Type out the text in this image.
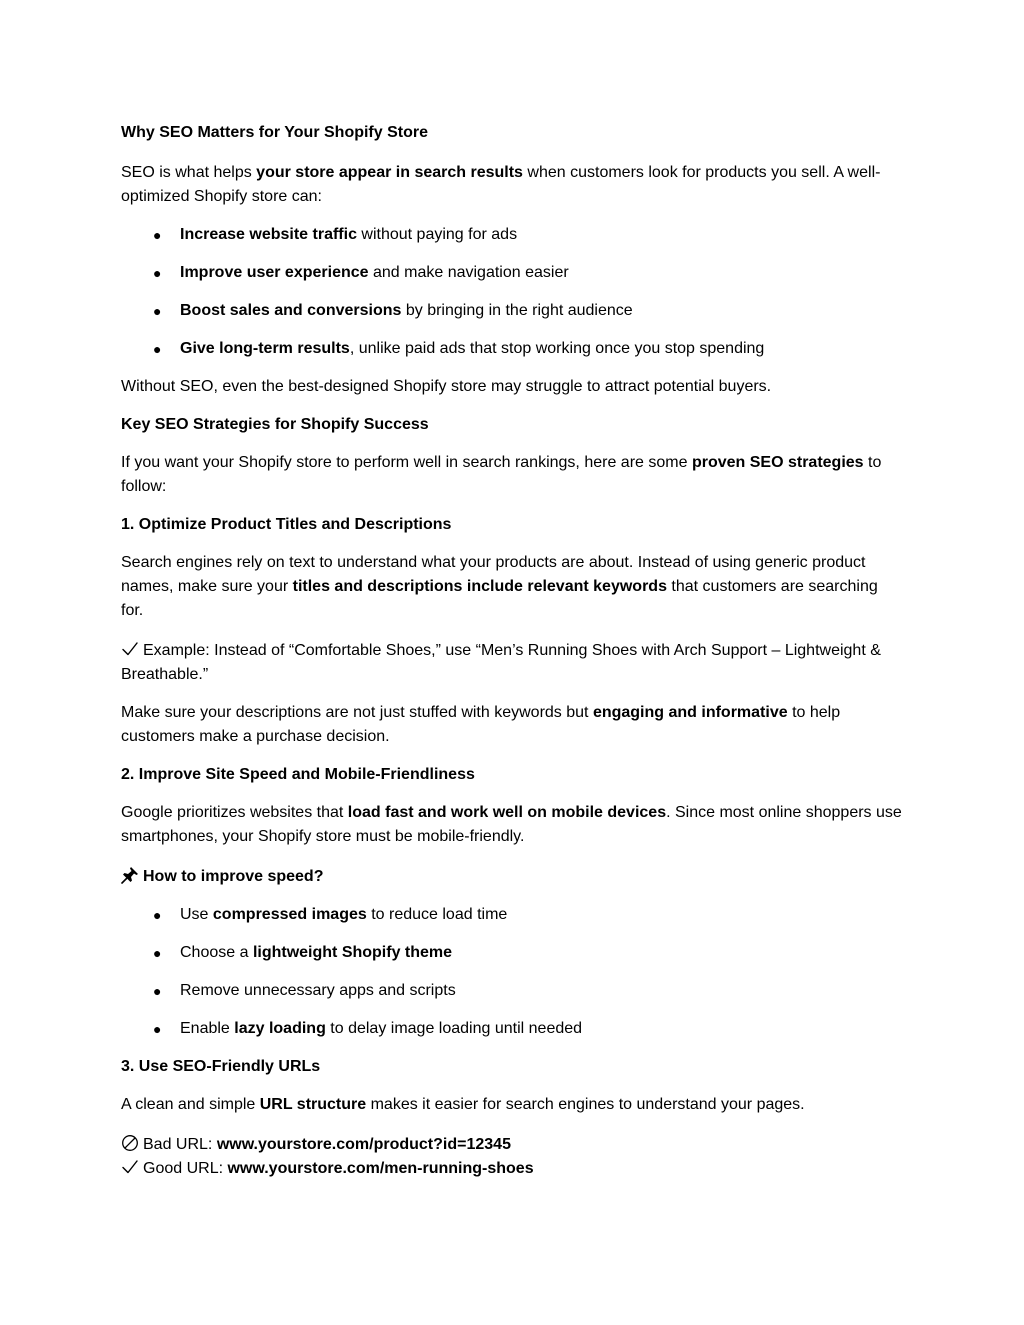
Why SEO Matters for Your Shopify Store

SEO is what helps your store appear in search results when customers look for products you sell. A well-optimized Shopify store can:

● Increase website traffic without paying for ads
● Improve user experience and make navigation easier
● Boost sales and conversions by bringing in the right audience
● Give long-term results, unlike paid ads that stop working once you stop spending

Without SEO, even the best-designed Shopify store may struggle to attract potential buyers.

Key SEO Strategies for Shopify Success

If you want your Shopify store to perform well in search rankings, here are some proven SEO strategies to follow:

1. Optimize Product Titles and Descriptions

Search engines rely on text to understand what your products are about. Instead of using generic product names, make sure your titles and descriptions include relevant keywords that customers are searching for.

Example: Instead of “Comfortable Shoes,” use “Men’s Running Shoes with Arch Support – Lightweight & Breathable.”

Make sure your descriptions are not just stuffed with keywords but engaging and informative to help customers make a purchase decision.

2. Improve Site Speed and Mobile-Friendliness

Google prioritizes websites that load fast and work well on mobile devices. Since most online shoppers use smartphones, your Shopify store must be mobile-friendly.

How to improve speed?

● Use compressed images to reduce load time
● Choose a lightweight Shopify theme
● Remove unnecessary apps and scripts
● Enable lazy loading to delay image loading until needed

3. Use SEO-Friendly URLs

A clean and simple URL structure makes it easier for search engines to understand your pages.

Bad URL: www.yourstore.com/product?id=12345

Good URL: www.yourstore.com/men-running-shoes
